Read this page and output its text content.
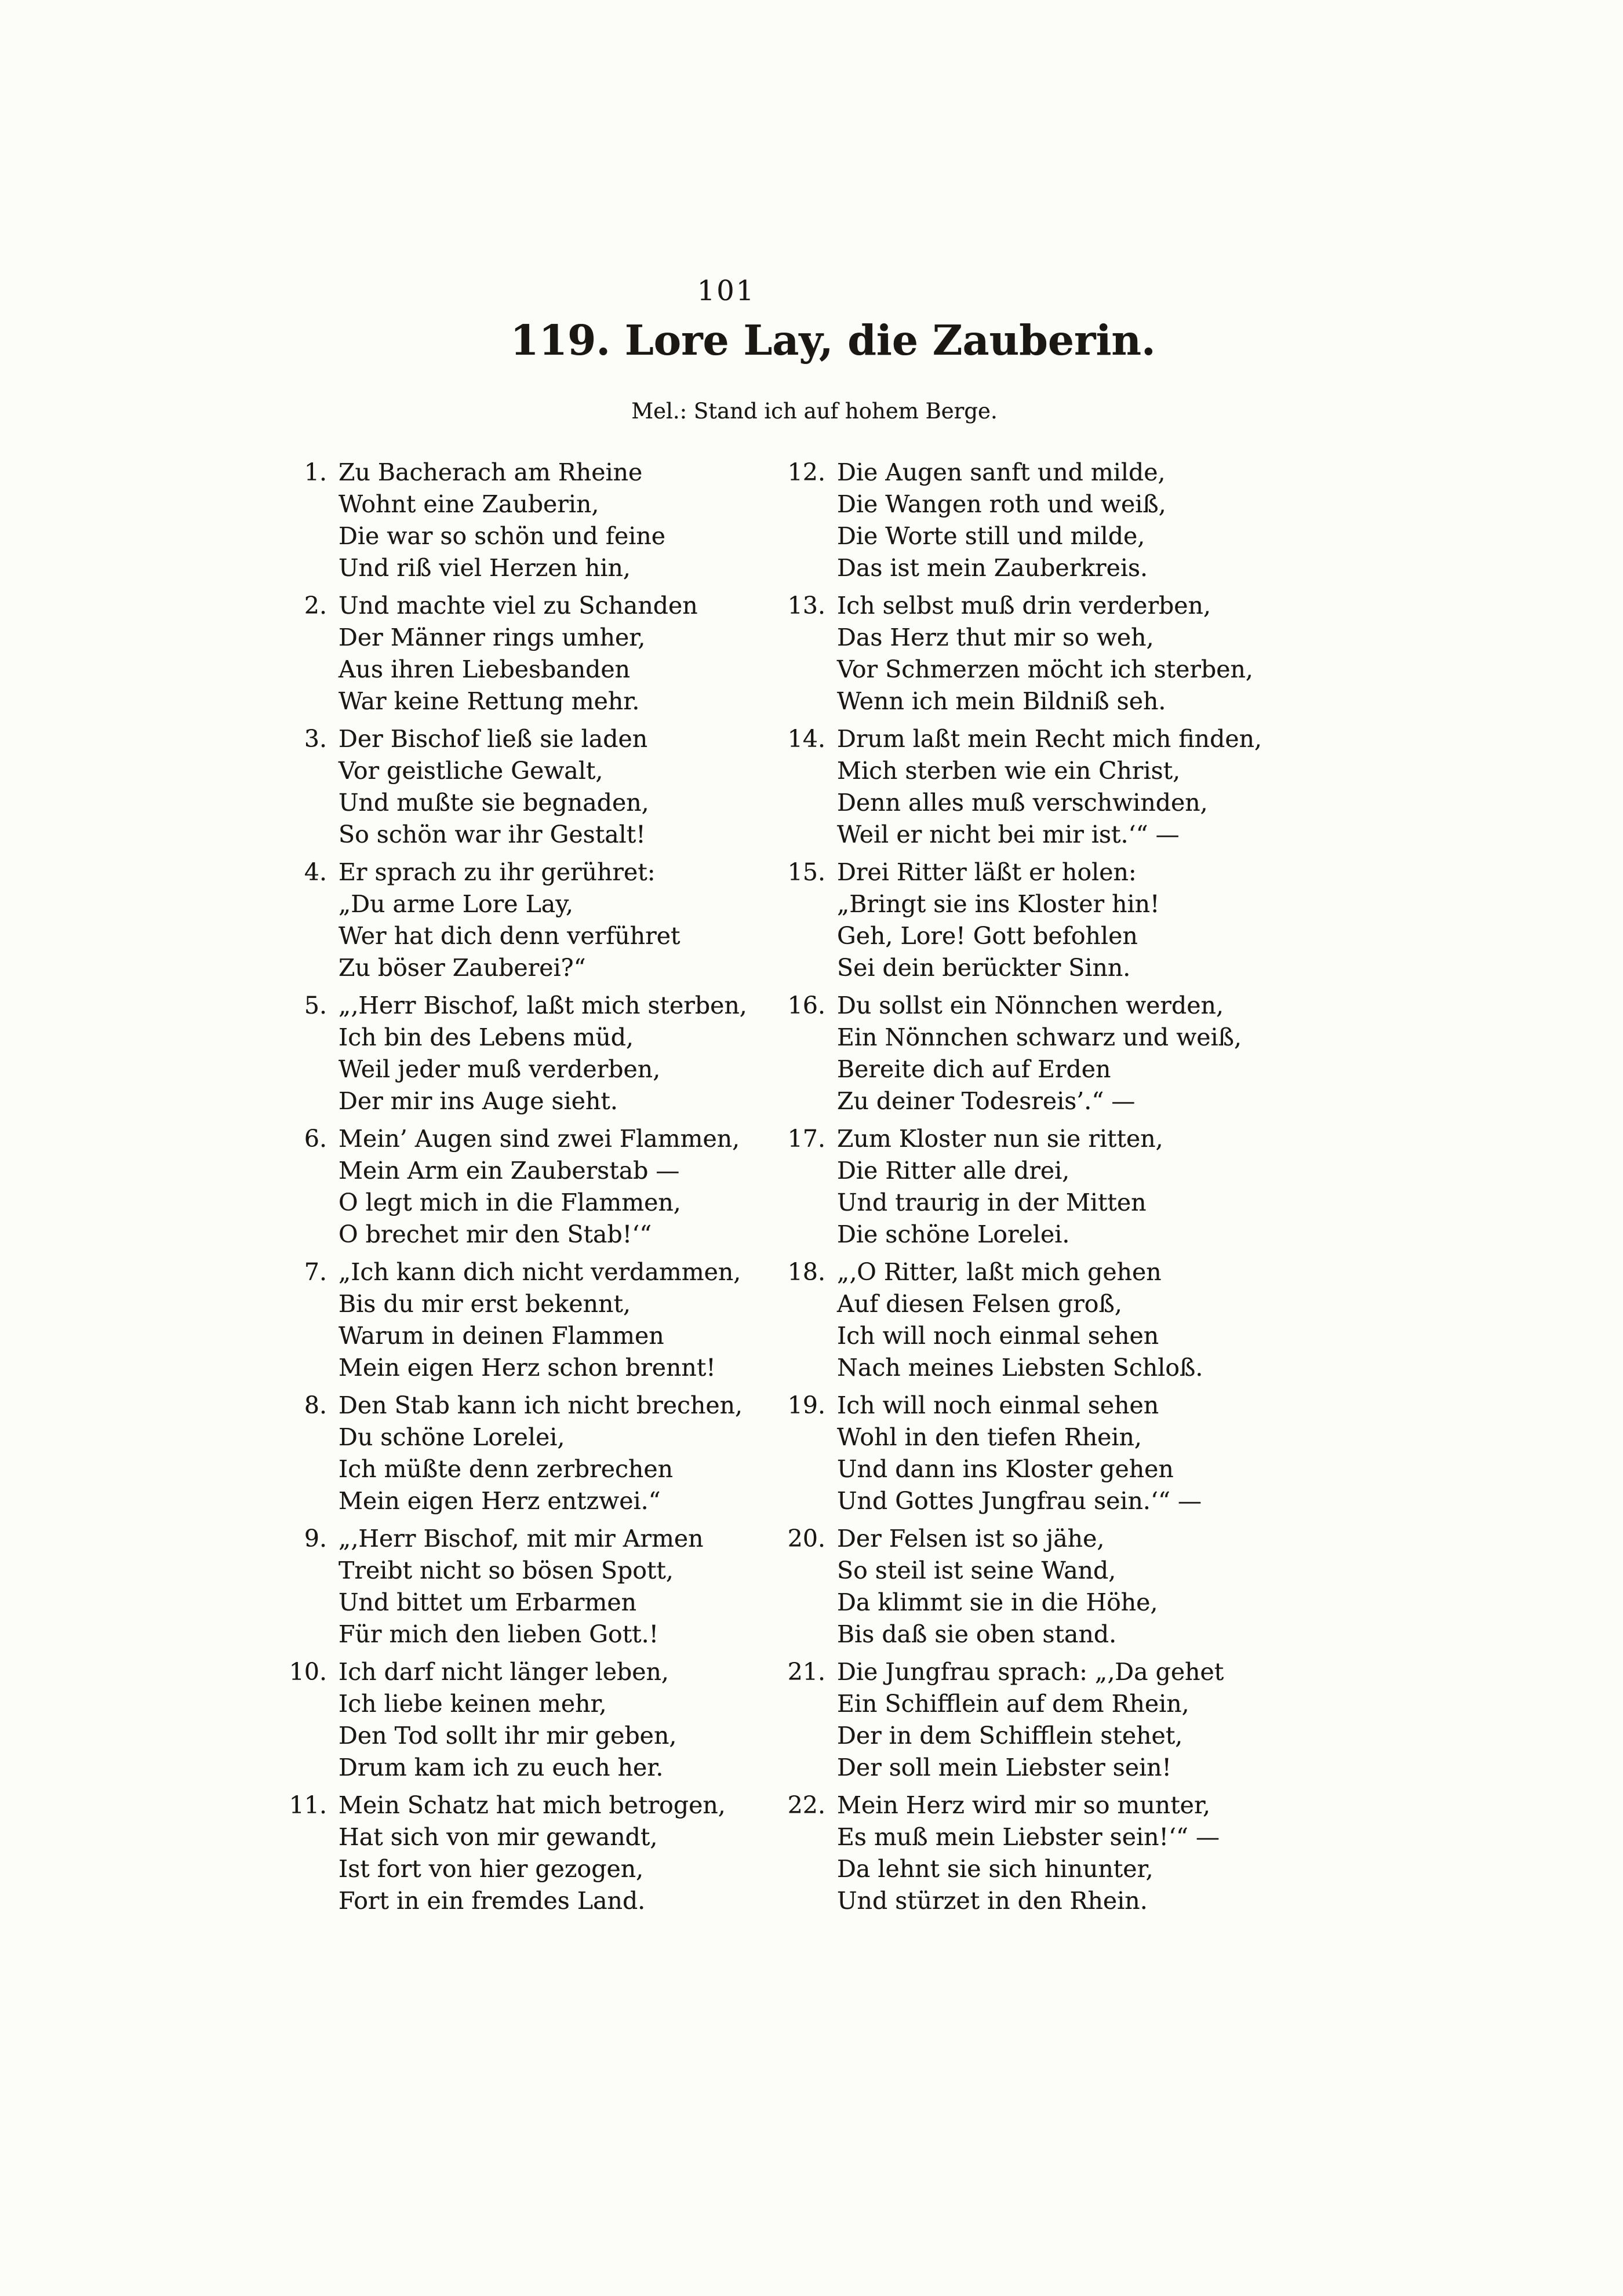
101
119. Lore Lay, die Zauberin.
Mel.: Stand ich auf hohem Berge.
1. Zu Bacherach am Rheine
Wohnt eine Zauberin,
Die war so schön und feine
Und riß viel Herzen hin,
2. Und machte viel zu Schanden
Der Männer rings umher,
Aus ihren Liebesbanden
War keine Rettung mehr.
3. Der Bischof ließ sie laden
Vor geistliche Gewalt,
Und mußte sie begnaden,
So schön war ihr Gestalt!
4. Er sprach zu ihr gerühret:
„Du arme Lore Lay,
Wer hat dich denn verführet
Zu böser Zauberei?“
5. „‚Herr Bischof, laßt mich sterben,
Ich bin des Lebens müd,
Weil jeder muß verderben,
Der mir ins Auge sieht.
6. Mein’ Augen sind zwei Flammen,
Mein Arm ein Zauberstab —
O legt mich in die Flammen,
O brechet mir den Stab!‘“
7. „Ich kann dich nicht verdammen,
Bis du mir erst bekennt,
Warum in deinen Flammen
Mein eigen Herz schon brennt!
8. Den Stab kann ich nicht brechen,
Du schöne Lorelei,
Ich müßte denn zerbrechen
Mein eigen Herz entzwei.“
9. „‚Herr Bischof, mit mir Armen
Treibt nicht so bösen Spott,
Und bittet um Erbarmen
Für mich den lieben Gott.!
10. Ich darf nicht länger leben,
Ich liebe keinen mehr,
Den Tod sollt ihr mir geben,
Drum kam ich zu euch her.
11. Mein Schatz hat mich betrogen,
Hat sich von mir gewandt,
Ist fort von hier gezogen,
Fort in ein fremdes Land.
12. Die Augen sanft und milde,
Die Wangen roth und weiß,
Die Worte still und milde,
Das ist mein Zauberkreis.
13. Ich selbst muß drin verderben,
Das Herz thut mir so weh,
Vor Schmerzen möcht ich sterben,
Wenn ich mein Bildniß seh.
14. Drum laßt mein Recht mich finden,
Mich sterben wie ein Christ,
Denn alles muß verschwinden,
Weil er nicht bei mir ist.‘“ —
15. Drei Ritter läßt er holen:
„Bringt sie ins Kloster hin!
Geh, Lore! Gott befohlen
Sei dein berückter Sinn.
16. Du sollst ein Nönnchen werden,
Ein Nönnchen schwarz und weiß,
Bereite dich auf Erden
Zu deiner Todesreis’.“ —
17. Zum Kloster nun sie ritten,
Die Ritter alle drei,
Und traurig in der Mitten
Die schöne Lorelei.
18. „‚O Ritter, laßt mich gehen
Auf diesen Felsen groß,
Ich will noch einmal sehen
Nach meines Liebsten Schloß.
19. Ich will noch einmal sehen
Wohl in den tiefen Rhein,
Und dann ins Kloster gehen
Und Gottes Jungfrau sein.‘“ —
20. Der Felsen ist so jähe,
So steil ist seine Wand,
Da klimmt sie in die Höhe,
Bis daß sie oben stand.
21. Die Jungfrau sprach: „‚Da gehet
Ein Schifflein auf dem Rhein,
Der in dem Schifflein stehet,
Der soll mein Liebster sein!
22. Mein Herz wird mir so munter,
Es muß mein Liebster sein!‘“ —
Da lehnt sie sich hinunter,
Und stürzet in den Rhein.
